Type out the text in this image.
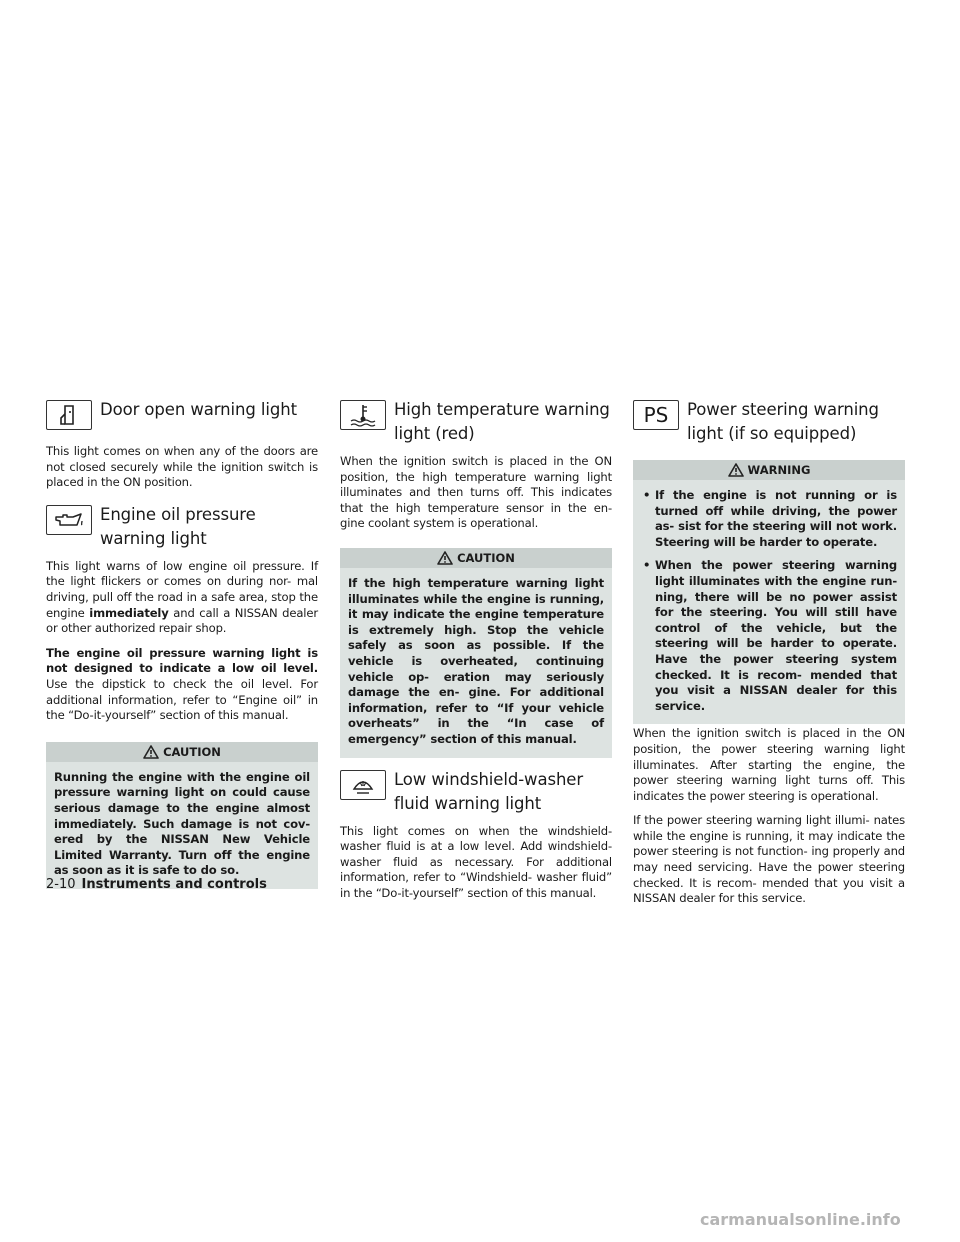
Door open warning light

This light comes on when any of the doors are not closed securely while the ignition switch is placed in the ON position.

Engine oil pressure
warning light

This light warns of low engine oil pressure. If the light flickers or comes on during nor- mal driving, pull off the road in a safe area, stop the engine immediately and call a NISSAN dealer or other authorized repair shop.

The engine oil pressure warning light is not designed to indicate a low oil level. Use the dipstick to check the oil level. For additional information, refer to “Engine oil” in the “Do-it-yourself” section of this manual.

CAUTION
Running the engine with the engine oil pressure warning light on could cause serious damage to the engine almost immediately. Such damage is not cov- ered by the NISSAN New Vehicle Limited Warranty. Turn off the engine as soon as it is safe to do so.
High temperature warning
light (red)

When the ignition switch is placed in the ON position, the high temperature warning light illuminates and then turns off. This indicates that the high temperature sensor in the en- gine coolant system is operational.

CAUTION
If the high temperature warning light illuminates while the engine is running, it may indicate the engine temperature is extremely high. Stop the vehicle safely as soon as possible. If the vehicle is overheated, continuing vehicle op- eration may seriously damage the en- gine. For additional information, refer to “If your vehicle overheats” in the “In case of emergency” section of this manual.
Low windshield-washer
fluid warning light

This light comes on when the windshield- washer fluid is at a low level. Add windshield-washer fluid as necessary. For additional information, refer to “Windshield- washer fluid” in the “Do-it-yourself” section of this manual.

PS Power steering warning
light (if so equipped)
WARNING
• If the engine is not running or is turned off while driving, the power as- sist for the steering will not work. Steering will be harder to operate.
• When the power steering warning light illuminates with the engine run- ning, there will be no power assist for the steering. You will still have control of the vehicle, but the steering will be harder to operate. Have the power steering system checked. It is recom- mended that you visit a NISSAN dealer for this service.

When the ignition switch is placed in the ON position, the power steering warning light illuminates. After starting the engine, the power steering warning light turns off. This indicates the power steering is operational.

If the power steering warning light illumi- nates while the engine is running, it may indicate the power steering is not function- ing properly and may need servicing. Have the power steering checked. It is recom- mended that you visit a NISSAN dealer for this service.

2-10 Instruments and controls
carmanualsonline.info
